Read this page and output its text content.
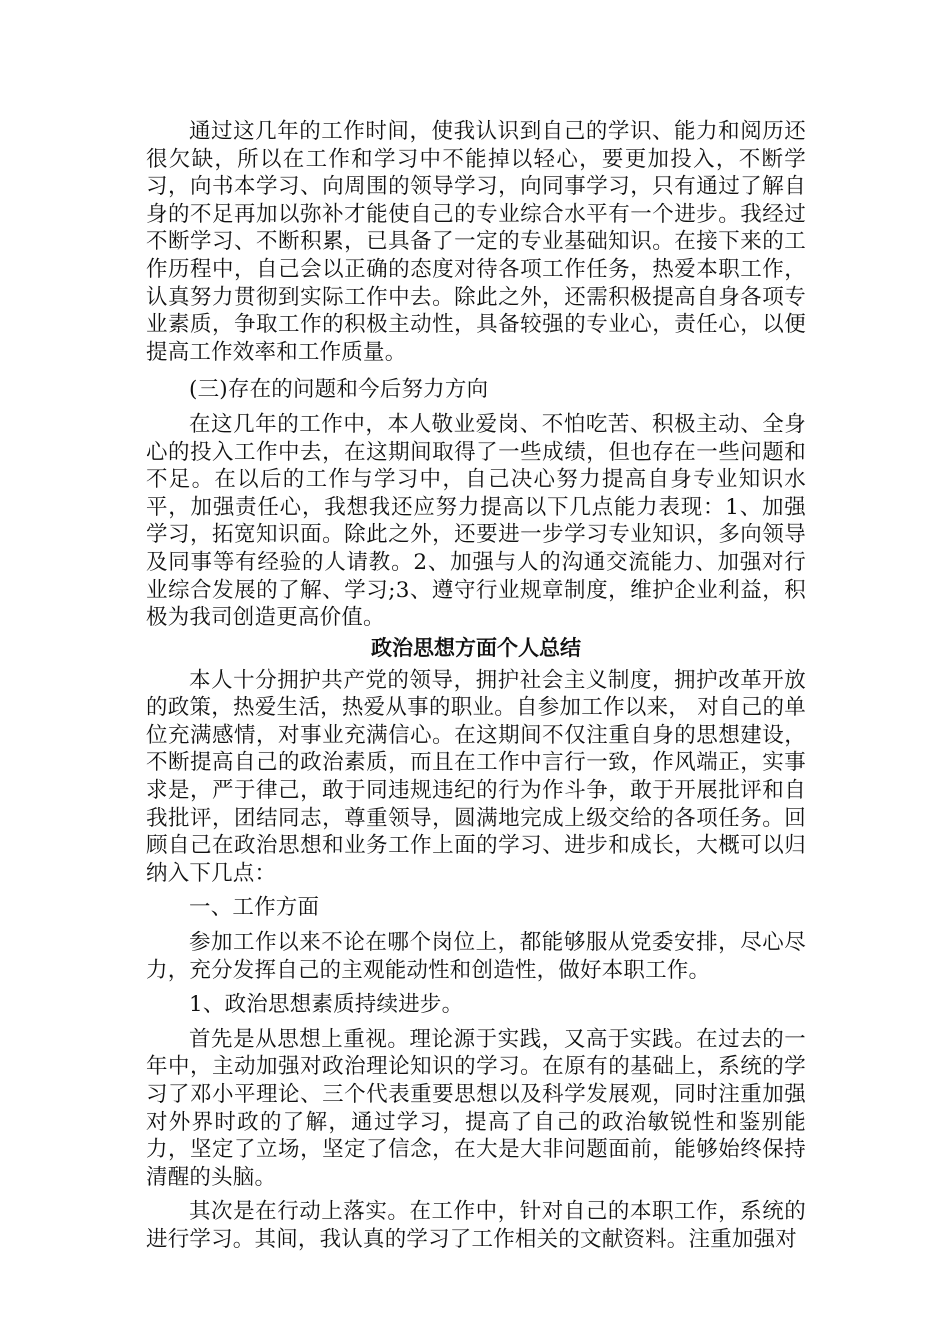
通过这几年的工作时间，使我认识到自己的学识、能力和阅历还很欠缺，所以在工作和学习中不能掉以轻心，要更加投入，不断学习，向书本学习、向周围的领导学习，向同事学习，只有通过了解自身的不足再加以弥补才能使自己的专业综合水平有一个进步。我经过不断学习、不断积累，已具备了一定的专业基础知识。在接下来的工作历程中，自己会以正确的态度对待各项工作任务，热爱本职工作，认真努力贯彻到实际工作中去。除此之外，还需积极提高自身各项专业素质，争取工作的积极主动性，具备较强的专业心，责任心，以便提高工作效率和工作质量。

(三)存在的问题和今后努力方向

在这几年的工作中，本人敬业爱岗、不怕吃苦、积极主动、全身心的投入工作中去，在这期间取得了一些成绩，但也存在一些问题和不足。在以后的工作与学习中，自己决心努力提高自身专业知识水平，加强责任心，我想我还应努力提高以下几点能力表现：1、加强学习，拓宽知识面。除此之外，还要进一步学习专业知识，多向领导及同事等有经验的人请教。2、加强与人的沟通交流能力、加强对行业综合发展的了解、学习;3、遵守行业规章制度，维护企业利益，积极为我司创造更高价值。

政治思想方面个人总结

本人十分拥护共产党的领导，拥护社会主义制度，拥护改革开放的政策，热爱生活，热爱从事的职业。自参加工作以来， 对自己的单位充满感情，对事业充满信心。在这期间不仅注重自身的思想建设，不断提高自己的政治素质，而且在工作中言行一致，作风端正，实事求是，严于律己，敢于同违规违纪的行为作斗争，敢于开展批评和自我批评，团结同志，尊重领导，圆满地完成上级交给的各项任务。回顾自己在政治思想和业务工作上面的学习、进步和成长，大概可以归纳入下几点：

一、工作方面

参加工作以来不论在哪个岗位上，都能够服从党委安排，尽心尽力，充分发挥自己的主观能动性和创造性，做好本职工作。

1、政治思想素质持续进步。

首先是从思想上重视。理论源于实践，又高于实践。在过去的一年中，主动加强对政治理论知识的学习。在原有的基础上，系统的学习了邓小平理论、三个代表重要思想以及科学发展观，同时注重加强对外界时政的了解，通过学习，提高了自己的政治敏锐性和鉴别能力，坚定了立场，坚定了信念，在大是大非问题面前，能够始终保持清醒的头脑。

其次是在行动上落实。在工作中，针对自己的本职工作，系统的进行学习。其间，我认真的学习了工作相关的文献资料。注重加强对
